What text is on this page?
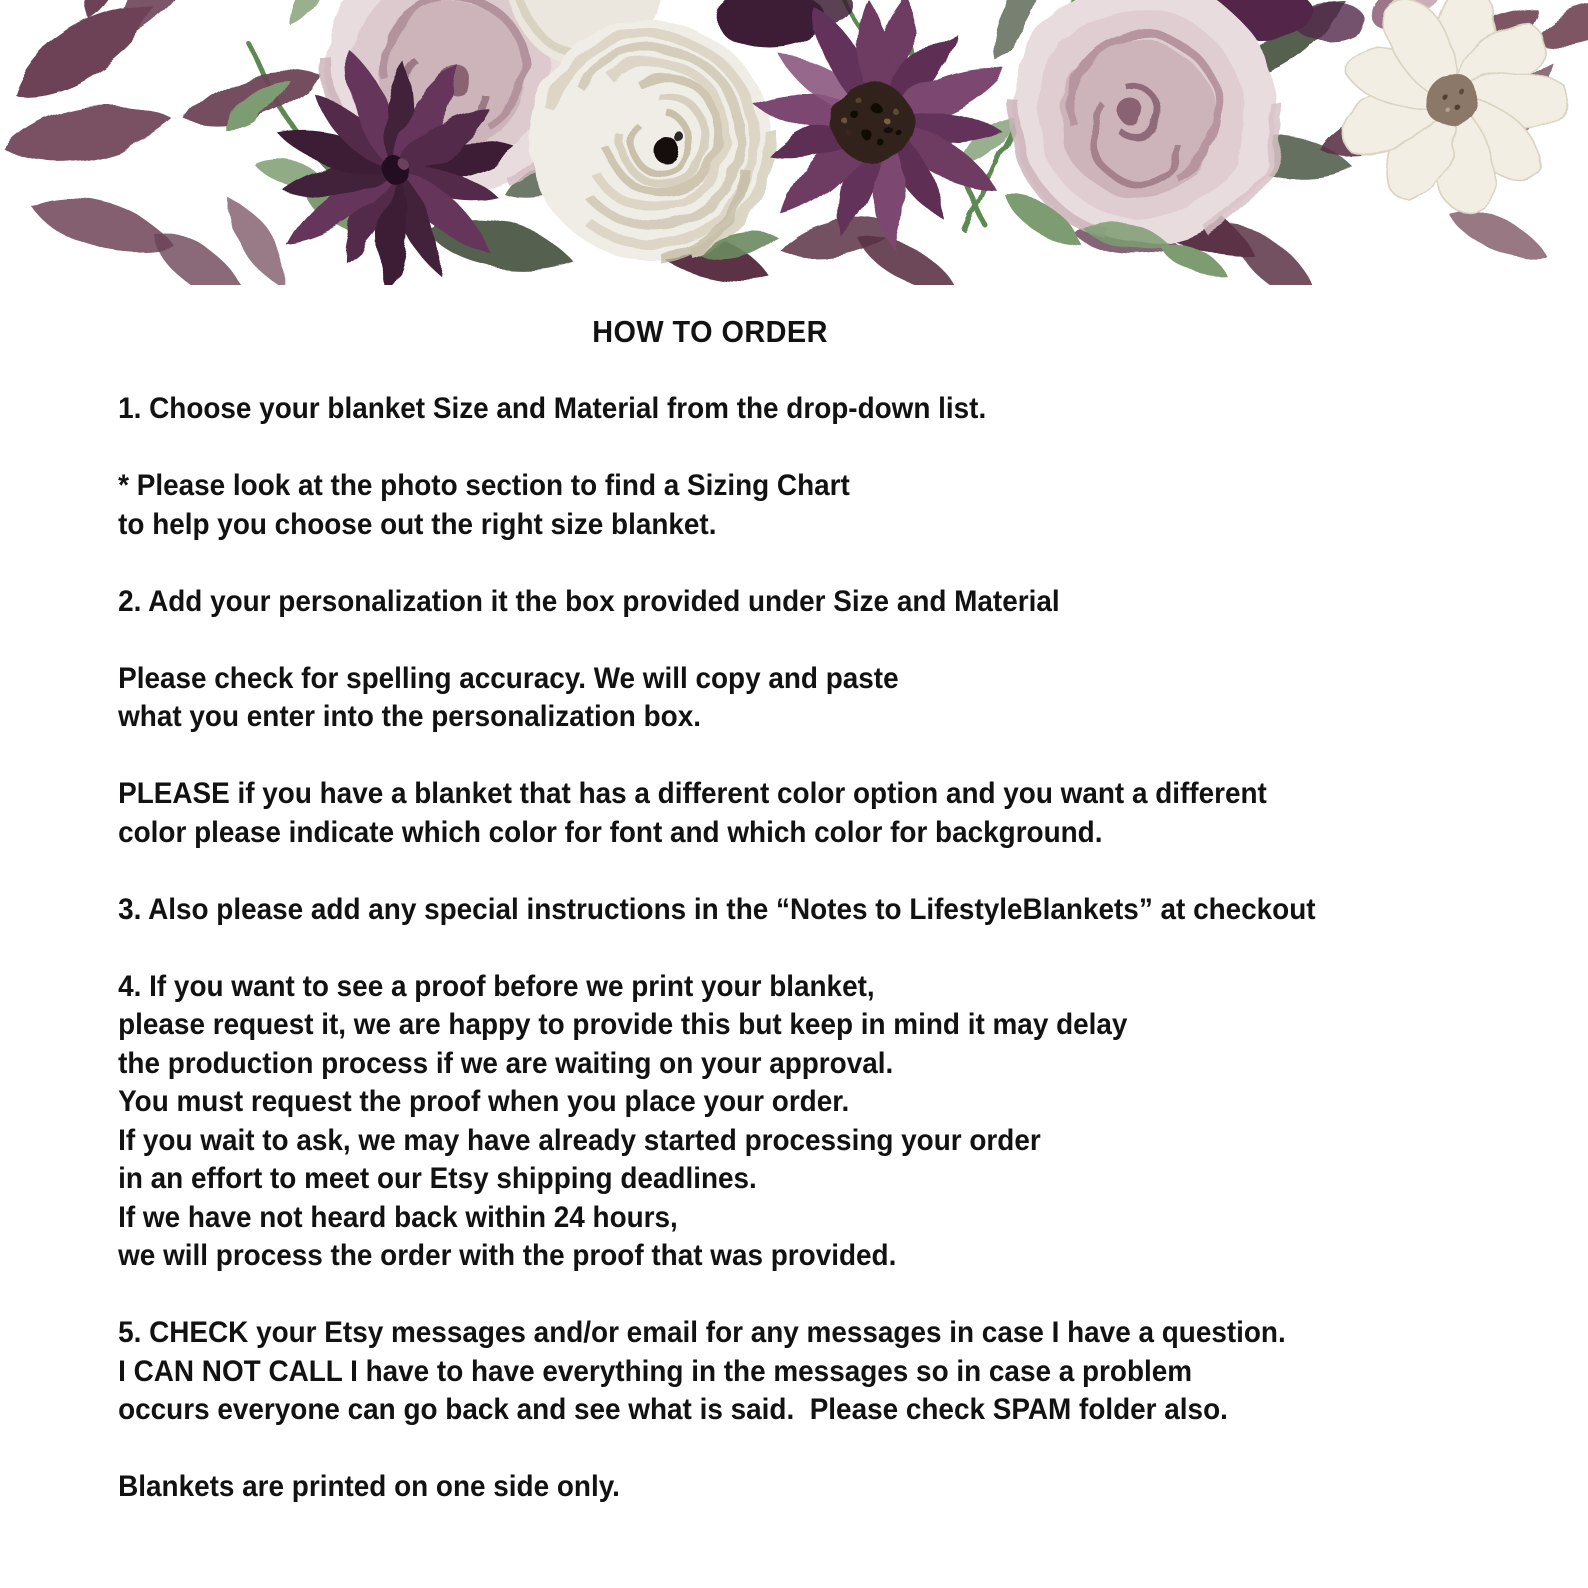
HOW TO ORDER
1. Choose your blanket Size and Material from the drop-down list.
* Please look at the photo section to find a Sizing Chart
to help you choose out the right size blanket.
2. Add your personalization it the box provided under Size and Material
Please check for spelling accuracy. We will copy and paste
what you enter into the personalization box.
PLEASE if you have a blanket that has a different color option and you want a different
color please indicate which color for font and which color for background.
3. Also please add any special instructions in the “Notes to LifestyleBlankets” at checkout
4. If you want to see a proof before we print your blanket,
please request it, we are happy to provide this but keep in mind it may delay
the production process if we are waiting on your approval.
You must request the proof when you place your order.
If you wait to ask, we may have already started processing your order
in an effort to meet our Etsy shipping deadlines.
If we have not heard back within 24 hours,
we will process the order with the proof that was provided.
5. CHECK your Etsy messages and/or email for any messages in case I have a question.
I CAN NOT CALL I have to have everything in the messages so in case a problem
occurs everyone can go back and see what is said.  Please check SPAM folder also.
Blankets are printed on one side only.
